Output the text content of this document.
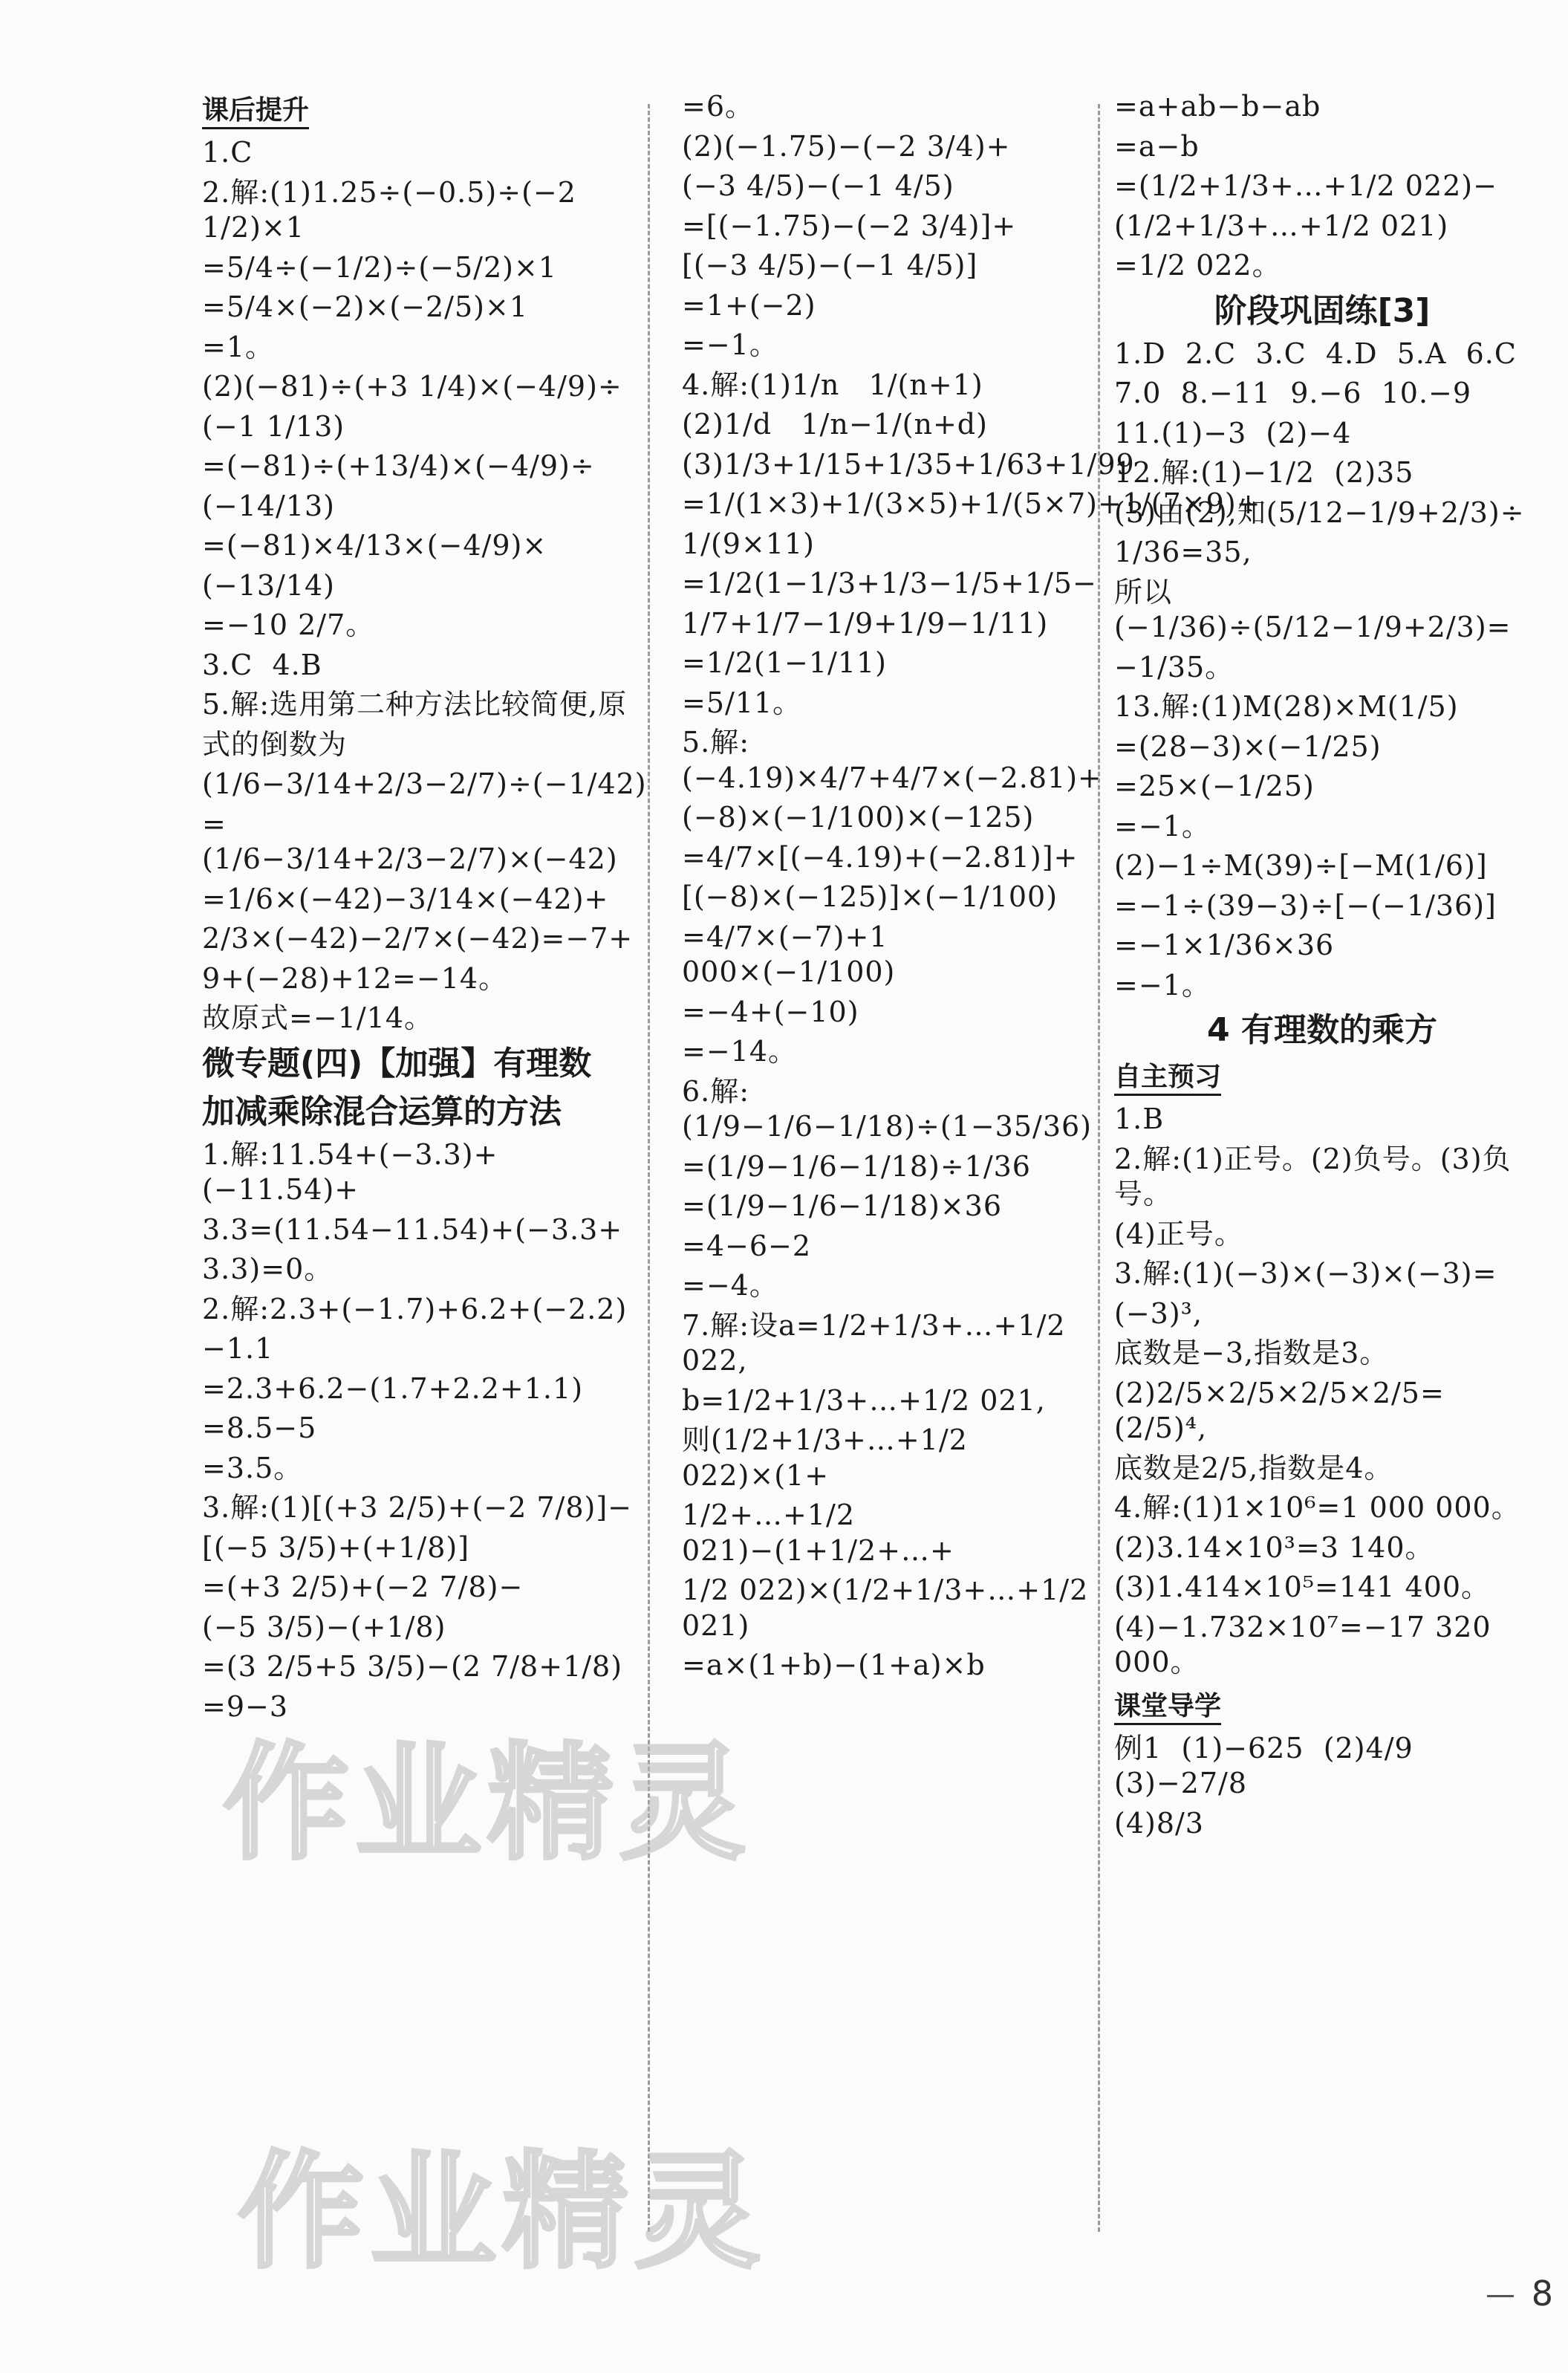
课后提升

1.C
2.解:(1)1.25÷(−0.5)÷(−2 1/2)×1
=5/4÷(−1/2)÷(−5/2)×1
=5/4×(−2)×(−2/5)×1
=1。
(2)(−81)÷(+3 1/4)×(−4/9)÷
(−1 1/13)
=(−81)÷(+13/4)×(−4/9)÷
(−14/13)
=(−81)×4/13×(−4/9)×
(−13/14)
=−10 2/7。
3.C  4.B
5.解:选用第二种方法比较简便,原
式的倒数为
(1/6−3/14+2/3−2/7)÷(−1/42)
=(1/6−3/14+2/3−2/7)×(−42)
=1/6×(−42)−3/14×(−42)+
2/3×(−42)−2/7×(−42)=−7+
9+(−28)+12=−14。
故原式=−1/14。
微专题(四)【加强】有理数
加减乘除混合运算的方法
1.解:11.54+(−3.3)+(−11.54)+
3.3=(11.54−11.54)+(−3.3+
3.3)=0。
2.解:2.3+(−1.7)+6.2+(−2.2)
−1.1
=2.3+6.2−(1.7+2.2+1.1)
=8.5−5
=3.5。
3.解:(1)[(+3 2/5)+(−2 7/8)]−
[(−5 3/5)+(+1/8)]
=(+3 2/5)+(−2 7/8)−
(−5 3/5)−(+1/8)
=(3 2/5+5 3/5)−(2 7/8+1/8)
=9−3
=6。
(2)(−1.75)−(−2 3/4)+
(−3 4/5)−(−1 4/5)
=[(−1.75)−(−2 3/4)]+
[(−3 4/5)−(−1 4/5)]
=1+(−2)
=−1。
4.解:(1)1/n   1/(n+1)
(2)1/d   1/n−1/(n+d)
(3)1/3+1/15+1/35+1/63+1/99
=1/(1×3)+1/(3×5)+1/(5×7)+1/(7×9)+
1/(9×11)
=1/2(1−1/3+1/3−1/5+1/5−
1/7+1/7−1/9+1/9−1/11)
=1/2(1−1/11)
=5/11。
5.解:(−4.19)×4/7+4/7×(−2.81)+
(−8)×(−1/100)×(−125)
=4/7×[(−4.19)+(−2.81)]+
[(−8)×(−125)]×(−1/100)
=4/7×(−7)+1 000×(−1/100)
=−4+(−10)
=−14。
6.解:(1/9−1/6−1/18)÷(1−35/36)
=(1/9−1/6−1/18)÷1/36
=(1/9−1/6−1/18)×36
=4−6−2
=−4。
7.解:设a=1/2+1/3+…+1/2 022,
b=1/2+1/3+…+1/2 021,
则(1/2+1/3+…+1/2 022)×(1+
1/2+…+1/2 021)−(1+1/2+…+
1/2 022)×(1/2+1/3+…+1/2 021)
=a×(1+b)−(1+a)×b
=a+ab−b−ab
=a−b
=(1/2+1/3+…+1/2 022)−
(1/2+1/3+…+1/2 021)
=1/2 022。
阶段巩固练[3]
1.D  2.C  3.C  4.D  5.A  6.C
7.0  8.−11  9.−6  10.−9
11.(1)−3  (2)−4
12.解:(1)−1/2  (2)35
(3)由(2),知(5/12−1/9+2/3)÷
1/36=35,
所以(−1/36)÷(5/12−1/9+2/3)=
−1/35。
13.解:(1)M(28)×M(1/5)
=(28−3)×(−1/25)
=25×(−1/25)
=−1。
(2)−1÷M(39)÷[−M(1/6)]
=−1÷(39−3)÷[−(−1/36)]
=−1×1/36×36
=−1。
4 有理数的乘方
自主预习

1.B
2.解:(1)正号。(2)负号。(3)负号。
(4)正号。
3.解:(1)(−3)×(−3)×(−3)=
(−3)³,
底数是−3,指数是3。
(2)2/5×2/5×2/5×2/5=(2/5)⁴,
底数是2/5,指数是4。
4.解:(1)1×10⁶=1 000 000。
(2)3.14×10³=3 140。
(3)1.414×10⁵=141 400。
(4)−1.732×10⁷=−17 320 000。
课堂导学

例1  (1)−625  (2)4/9  (3)−27/8
(4)8/3
作业精灵
作业精灵
8
